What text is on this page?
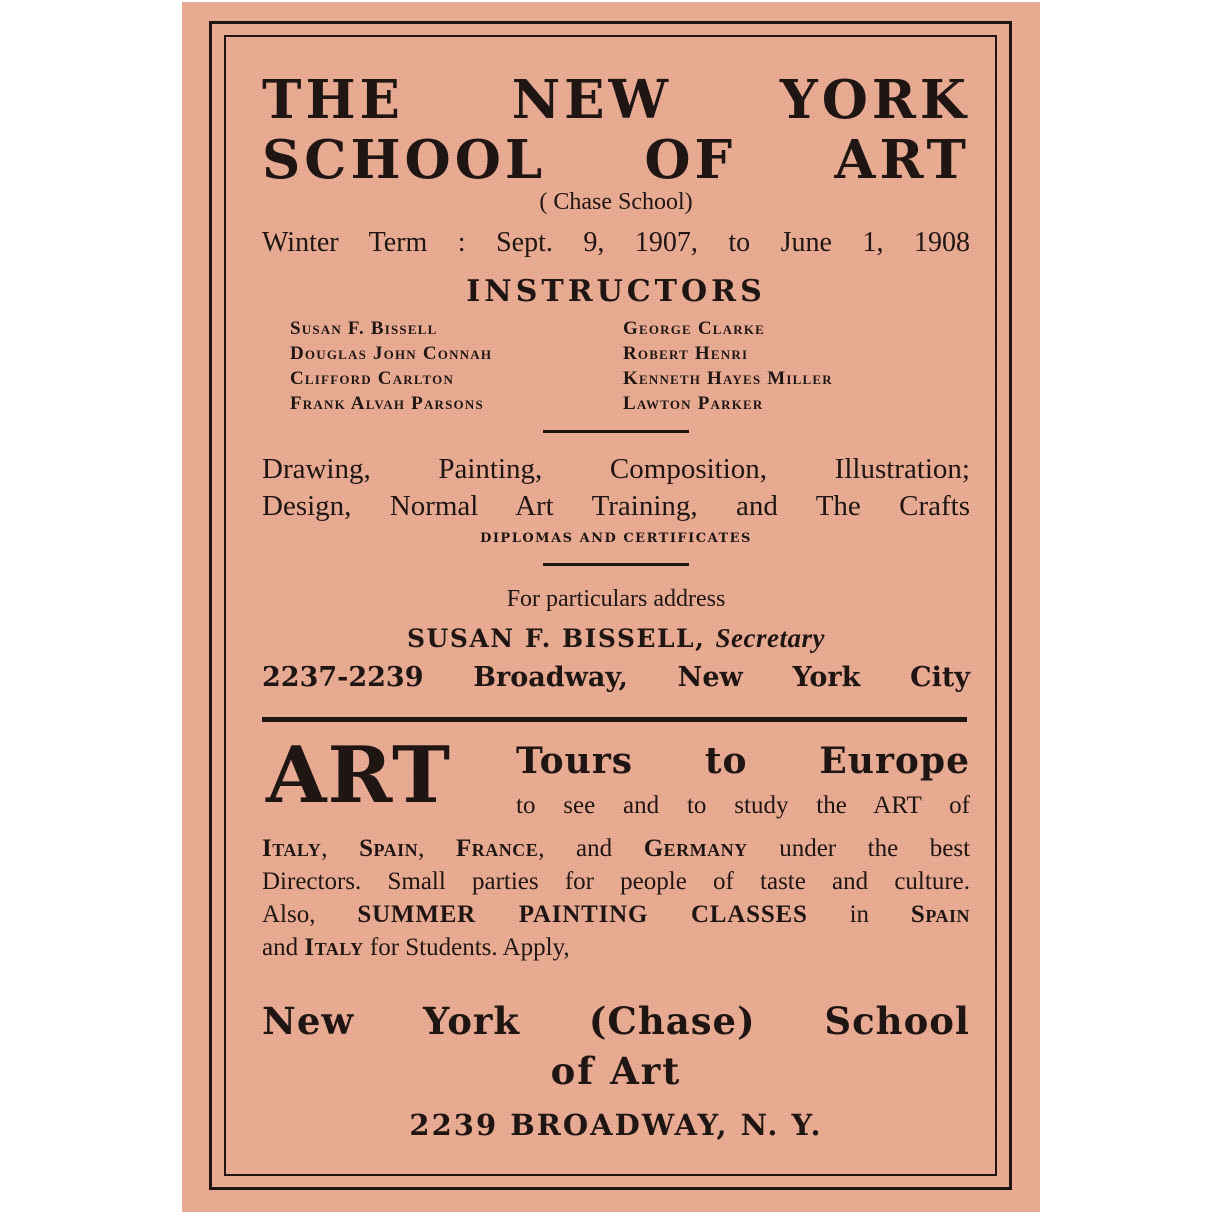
THE NEW YORK
SCHOOL OF ART
( Chase School)
Winter Term : Sept. 9, 1907, to June 1, 1908
INSTRUCTORS
Susan F. Bissell	George Clarke
Douglas John Connah	Robert Henri
Clifford Carlton	Kenneth Hayes Miller
Frank Alvah Parsons	Lawton Parker
Drawing, Painting, Composition, Illustration;
Design, Normal Art Training, and The Crafts
DIPLOMAS AND CERTIFICATES
For particulars address
SUSAN F. BISSELL, Secretary
2237-2239 Broadway, New York City
ART Tours to Europe
to see and to study the ART of

Italy, Spain, France, and Germany under the best

Directors. Small parties for people of taste and culture.

Also, SUMMER PAINTING CLASSES in Spain

and Italy for Students. Apply,

New York (Chase) School
of Art
2239 BROADWAY, N. Y.
